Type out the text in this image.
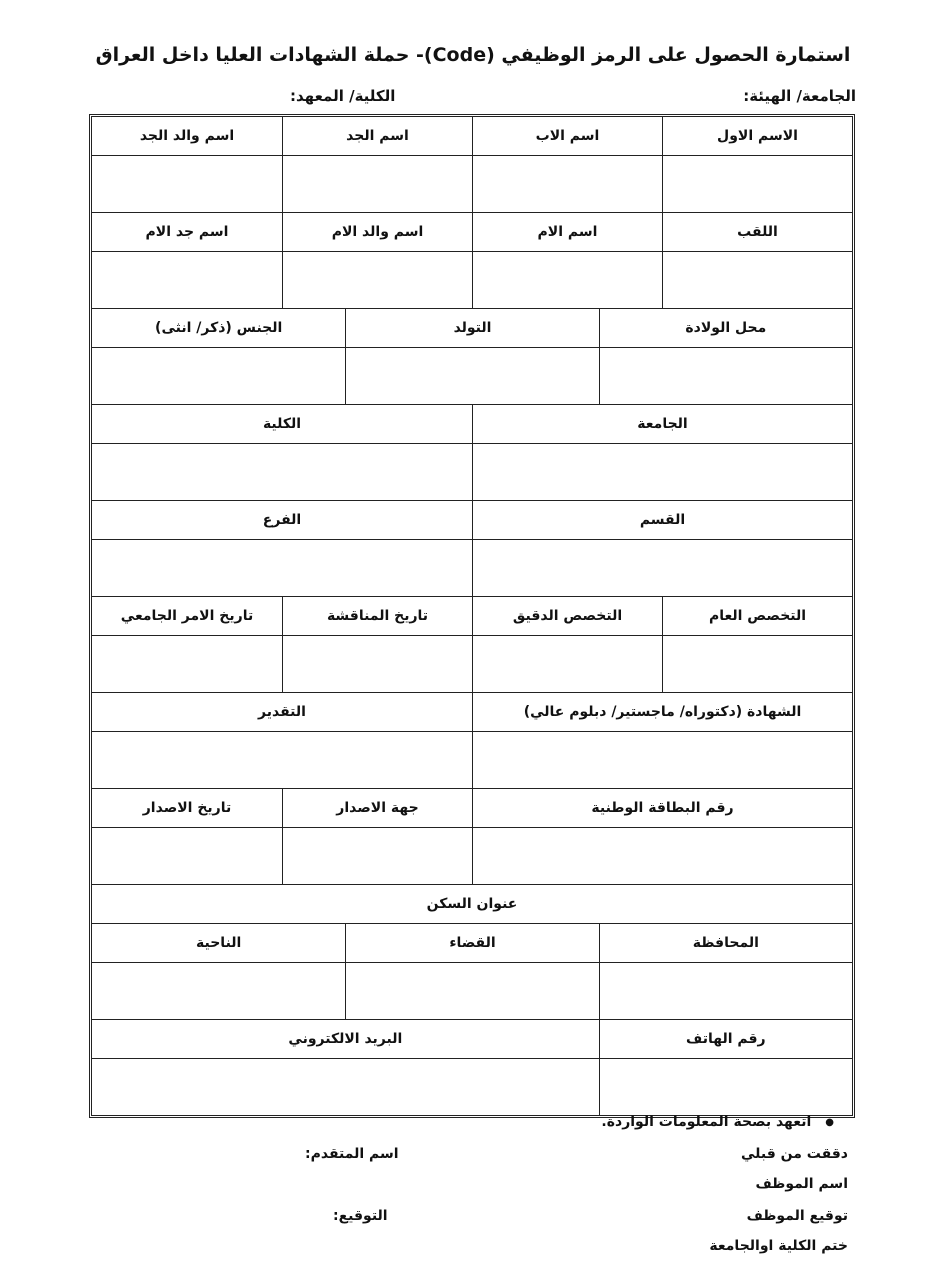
استمارة الحصول على الرمز الوظيفي (Code)- حملة الشهادات العليا داخل العراق
الجامعة/ الهيئة:
الكلية/ المعهد:
الاسم الاول
اسم الاب
اسم الجد
اسم والد الجد
اللقب
اسم الام
اسم والد الام
اسم جد الام
محل الولادة
التولد
الجنس (ذكر/ انثى)
الجامعة
الكلية
القسم
الفرع
التخصص العام
التخصص الدقيق
تاريخ المناقشة
تاريخ الامر الجامعي
الشهادة (دكتوراه/ ماجستير/ دبلوم عالي)
التقدير
رقم البطاقة الوطنية
جهة الاصدار
تاريخ الاصدار
عنوان السكن
المحافظة
القضاء
الناحية
رقم الهاتف
البريد الالكتروني
● اتعهد بصحة المعلومات الواردة.
دققت من قبلي
اسم المتقدم:
اسم الموظف
توقيع الموظف
التوقيع:
ختم الكلية اوالجامعة
